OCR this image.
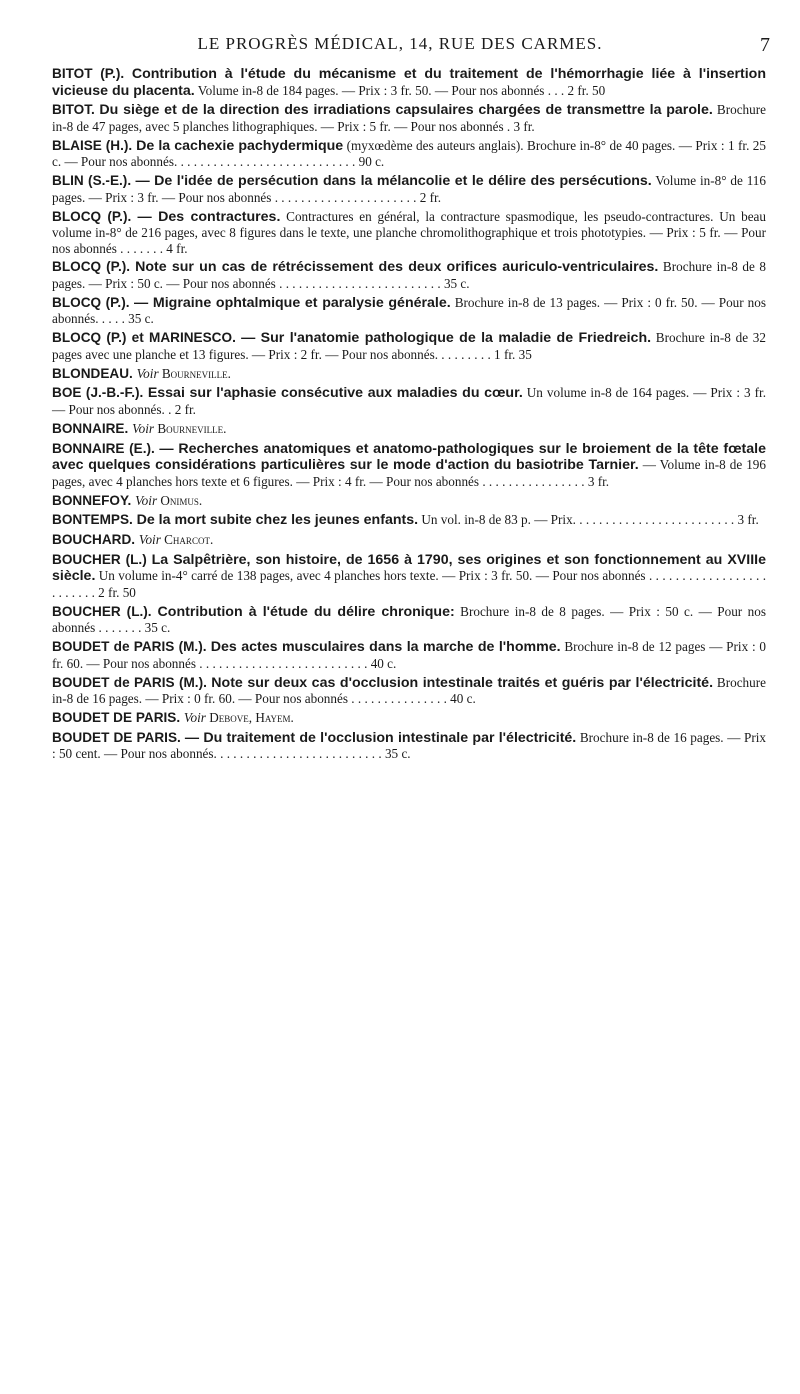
LE PROGRÈS MÉDICAL, 14, RUE DES CARMES.	7

BITOT (P.). Contribution à l'étude du mécanisme et du traitement de l'hémorrhagie liée à l'insertion vicieuse du placenta. Volume in-8 de 184 pages. — Prix : 3 fr. 50. — Pour nos abonnés . . . 2 fr. 50

BITOT. Du siège et de la direction des irradiations capsulaires chargées de transmettre la parole. Brochure in-8 de 47 pages, avec 5 planches lithographiques. — Prix : 5 fr. — Pour nos abonnés . 3 fr.

BLAISE (H.). De la cachexie pachydermique (myxœdème des auteurs anglais). Brochure in-8° de 40 pages. — Prix : 1 fr. 25 c. — Pour nos abonnés. . . . . . . . . . . . . . . . . . . . . . . . . . . . 90 c.

BLIN (S.-E.). — De l'idée de persécution dans la mélancolie et le délire des persécutions. Volume in-8° de 116 pages. — Prix : 3 fr. — Pour nos abonnés . . . . . . . . . . . . . . . . . . . . . . 2 fr.

BLOCQ (P.). — Des contractures. Contractures en général, la contracture spasmodique, les pseudo-contractures. Un beau volume in-8° de 216 pages, avec 8 figures dans le texte, une planche chromolithographique et trois phototypies. — Prix : 5 fr. — Pour nos abonnés . . . . . . . 4 fr.

BLOCQ (P.). Note sur un cas de rétrécissement des deux orifices auriculo-ventriculaires. Brochure in-8 de 8 pages. — Prix : 50 c. — Pour nos abonnés . . . . . . . . . . . . . . . . . . . . . . . . . 35 c.

BLOCQ (P.). — Migraine ophtalmique et paralysie générale. Brochure in-8 de 13 pages. — Prix : 0 fr. 50. — Pour nos abonnés. . . . . 35 c.

BLOCQ (P.) et MARINESCO. — Sur l'anatomie pathologique de la maladie de Friedreich. Brochure in-8 de 32 pages avec une planche et 13 figures. — Prix : 2 fr. — Pour nos abonnés. . . . . . . . . 1 fr. 35

BLONDEAU. Voir Bourneville.

BOE (J.-B.-F.). Essai sur l'aphasie consécutive aux maladies du cœur. Un volume in-8 de 164 pages. — Prix : 3 fr. — Pour nos abonnés. . 2 fr.

BONNAIRE. Voir Bourneville.

BONNAIRE (E.). — Recherches anatomiques et anatomo-pathologiques sur le broiement de la tête fœtale avec quelques considérations particulières sur le mode d'action du basiotribe Tarnier. — Volume in-8 de 196 pages, avec 4 planches hors texte et 6 figures. — Prix : 4 fr. — Pour nos abonnés . . . . . . . . . . . . . . . . 3 fr.

BONNEFOY. Voir Onimus.

BONTEMPS. De la mort subite chez les jeunes enfants. Un vol. in-8 de 83 p. — Prix. . . . . . . . . . . . . . . . . . . . . . . . . 3 fr.

BOUCHARD. Voir Charcot.

BOUCHER (L.) La Salpêtrière, son histoire, de 1656 à 1790, ses origines et son fonctionnement au XVIIIe siècle. Un volume in-4° carré de 138 pages, avec 4 planches hors texte. — Prix : 3 fr. 50. — Pour nos abonnés . . . . . . . . . . . . . . . . . . . . . . . . . 2 fr. 50

BOUCHER (L.). Contribution à l'étude du délire chronique: Brochure in-8 de 8 pages. — Prix : 50 c. — Pour nos abonnés . . . . . . . 35 c.

BOUDET de PARIS (M.). Des actes musculaires dans la marche de l'homme. Brochure in-8 de 12 pages — Prix : 0 fr. 60. — Pour nos abonnés . . . . . . . . . . . . . . . . . . . . . . . . . . 40 c.

BOUDET de PARIS (M.). Note sur deux cas d'occlusion intestinale traités et guéris par l'électricité. Brochure in-8 de 16 pages. — Prix : 0 fr. 60. — Pour nos abonnés . . . . . . . . . . . . . . . 40 c.

BOUDET DE PARIS. Voir Debove, Hayem.

BOUDET DE PARIS. — Du traitement de l'occlusion intestinale par l'électricité. Brochure in-8 de 16 pages. — Prix : 50 cent. — Pour nos abonnés. . . . . . . . . . . . . . . . . . . . . . . . . . 35 c.
